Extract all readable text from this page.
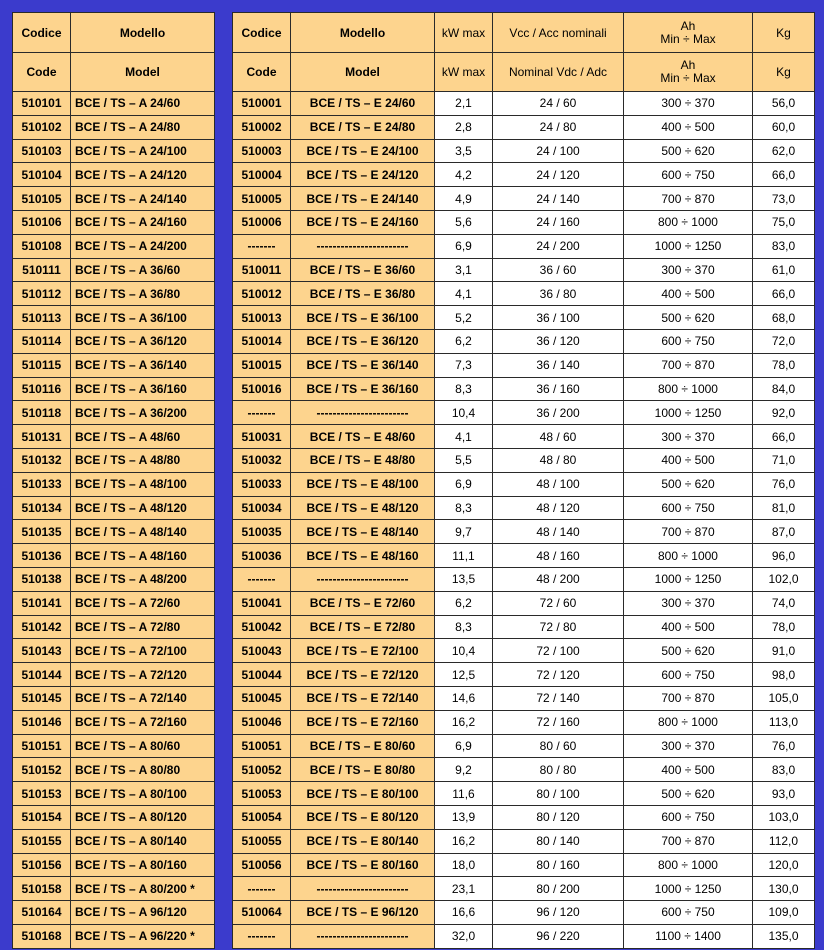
Codice	Modello
Code	Model
510101	BCE / TS – A 24/60
510102	BCE / TS – A 24/80
510103	BCE / TS – A 24/100
510104	BCE / TS – A 24/120
510105	BCE / TS – A 24/140
510106	BCE / TS – A 24/160
510108	BCE / TS – A 24/200
510111	BCE / TS – A 36/60
510112	BCE / TS – A 36/80
510113	BCE / TS – A 36/100
510114	BCE / TS – A 36/120
510115	BCE / TS – A 36/140
510116	BCE / TS – A 36/160
510118	BCE / TS – A 36/200
510131	BCE / TS – A 48/60
510132	BCE / TS – A 48/80
510133	BCE / TS – A 48/100
510134	BCE / TS – A 48/120
510135	BCE / TS – A 48/140
510136	BCE / TS – A 48/160
510138	BCE / TS – A 48/200
510141	BCE / TS – A 72/60
510142	BCE / TS – A 72/80
510143	BCE / TS – A 72/100
510144	BCE / TS – A 72/120
510145	BCE / TS – A 72/140
510146	BCE / TS – A 72/160
510151	BCE / TS – A 80/60
510152	BCE / TS – A 80/80
510153	BCE / TS – A 80/100
510154	BCE / TS – A 80/120
510155	BCE / TS – A 80/140
510156	BCE / TS – A 80/160
510158	BCE / TS – A 80/200 *
510164	BCE / TS – A 96/120
510168	BCE / TS – A 96/220 *
Codice	Modello	kW max	Vcc / Acc nominali	Ah
Min ÷ Max	Kg
Code	Model	kW max	Nominal Vdc / Adc	Ah
Min ÷ Max	Kg
510001	BCE / TS – E 24/60	2,1	24 / 60	300 ÷ 370	56,0
510002	BCE / TS – E 24/80	2,8	24 / 80	400 ÷ 500	60,0
510003	BCE / TS – E 24/100	3,5	24 / 100	500 ÷ 620	62,0
510004	BCE / TS – E 24/120	4,2	24 / 120	600 ÷ 750	66,0
510005	BCE / TS – E 24/140	4,9	24 / 140	700 ÷ 870	73,0
510006	BCE / TS – E 24/160	5,6	24 / 160	800 ÷ 1000	75,0
-------	-----------------------	6,9	24 / 200	1000 ÷ 1250	83,0
510011	BCE / TS – E 36/60	3,1	36 / 60	300 ÷ 370	61,0
510012	BCE / TS – E 36/80	4,1	36 / 80	400 ÷ 500	66,0
510013	BCE / TS – E 36/100	5,2	36 / 100	500 ÷ 620	68,0
510014	BCE / TS – E 36/120	6,2	36 / 120	600 ÷ 750	72,0
510015	BCE / TS – E 36/140	7,3	36 / 140	700 ÷ 870	78,0
510016	BCE / TS – E 36/160	8,3	36 / 160	800 ÷ 1000	84,0
-------	-----------------------	10,4	36 / 200	1000 ÷ 1250	92,0
510031	BCE / TS – E 48/60	4,1	48 / 60	300 ÷ 370	66,0
510032	BCE / TS – E 48/80	5,5	48 / 80	400 ÷ 500	71,0
510033	BCE / TS – E 48/100	6,9	48 / 100	500 ÷ 620	76,0
510034	BCE / TS – E 48/120	8,3	48 / 120	600 ÷ 750	81,0
510035	BCE / TS – E 48/140	9,7	48 / 140	700 ÷ 870	87,0
510036	BCE / TS – E 48/160	11,1	48 / 160	800 ÷ 1000	96,0
-------	-----------------------	13,5	48 / 200	1000 ÷ 1250	102,0
510041	BCE / TS – E 72/60	6,2	72 / 60	300 ÷ 370	74,0
510042	BCE / TS – E 72/80	8,3	72 / 80	400 ÷ 500	78,0
510043	BCE / TS – E 72/100	10,4	72 / 100	500 ÷ 620	91,0
510044	BCE / TS – E 72/120	12,5	72 / 120	600 ÷ 750	98,0
510045	BCE / TS – E 72/140	14,6	72 / 140	700 ÷ 870	105,0
510046	BCE / TS – E 72/160	16,2	72 / 160	800 ÷ 1000	113,0
510051	BCE / TS – E 80/60	6,9	80 / 60	300 ÷ 370	76,0
510052	BCE / TS – E 80/80	9,2	80 / 80	400 ÷ 500	83,0
510053	BCE / TS – E 80/100	11,6	80 / 100	500 ÷ 620	93,0
510054	BCE / TS – E 80/120	13,9	80 / 120	600 ÷ 750	103,0
510055	BCE / TS – E 80/140	16,2	80 / 140	700 ÷ 870	112,0
510056	BCE / TS – E 80/160	18,0	80 / 160	800 ÷ 1000	120,0
-------	-----------------------	23,1	80 / 200	1000 ÷ 1250	130,0
510064	BCE / TS – E 96/120	16,6	96 / 120	600 ÷ 750	109,0
-------	-----------------------	32,0	96 / 220	1100 ÷ 1400	135,0
